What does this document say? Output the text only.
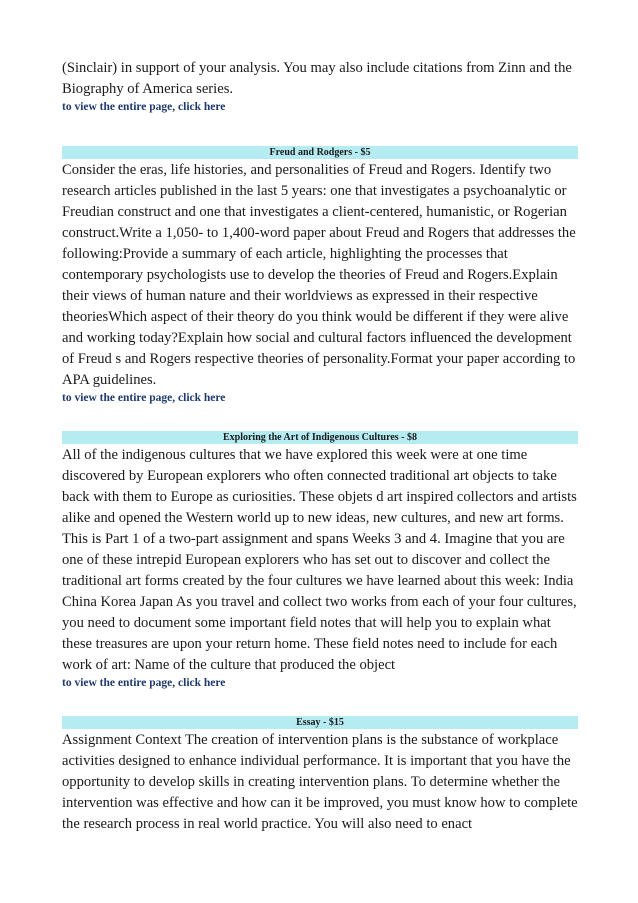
(Sinclair) in support of your analysis. You may also include citations from Zinn and the Biography of America series.

to view the entire page, click here
Freud and Rodgers - $5

Consider the eras, life histories, and personalities of Freud and Rogers. Identify two research articles published in the last 5 years: one that investigates a psychoanalytic or Freudian construct and one that investigates a client-centered, humanistic, or Rogerian construct.Write a 1,050- to 1,400-word paper about Freud and Rogers that addresses the following:Provide a summary of each article, highlighting the processes that contemporary psychologists use to develop the theories of Freud and Rogers.Explain their views of human nature and their worldviews as expressed in their respective theoriesWhich aspect of their theory do you think would be different if they were alive and working today?Explain how social and cultural factors influenced the development of Freud s and Rogers respective theories of personality.Format your paper according to APA guidelines.

to view the entire page, click here
Exploring the Art of Indigenous Cultures - $8

All of the indigenous cultures that we have explored this week were at one time discovered by European explorers who often connected traditional art objects to take back with them to Europe as curiosities. These objets d art inspired collectors and artists alike and opened the Western world up to new ideas, new cultures, and new art forms. This is Part 1 of a two-part assignment and spans Weeks 3 and 4. Imagine that you are one of these intrepid European explorers who has set out to discover and collect the traditional art forms created by the four cultures we have learned about this week: India China Korea Japan As you travel and collect two works from each of your four cultures, you need to document some important field notes that will help you to explain what these treasures are upon your return home. These field notes need to include for each work of art: Name of the culture that produced the object

to view the entire page, click here
Essay - $15

Assignment Context The creation of intervention plans is the substance of workplace activities designed to enhance individual performance. It is important that you have the opportunity to develop skills in creating intervention plans. To determine whether the intervention was effective and how can it be improved, you must know how to complete the research process in real world practice. You will also need to enact
